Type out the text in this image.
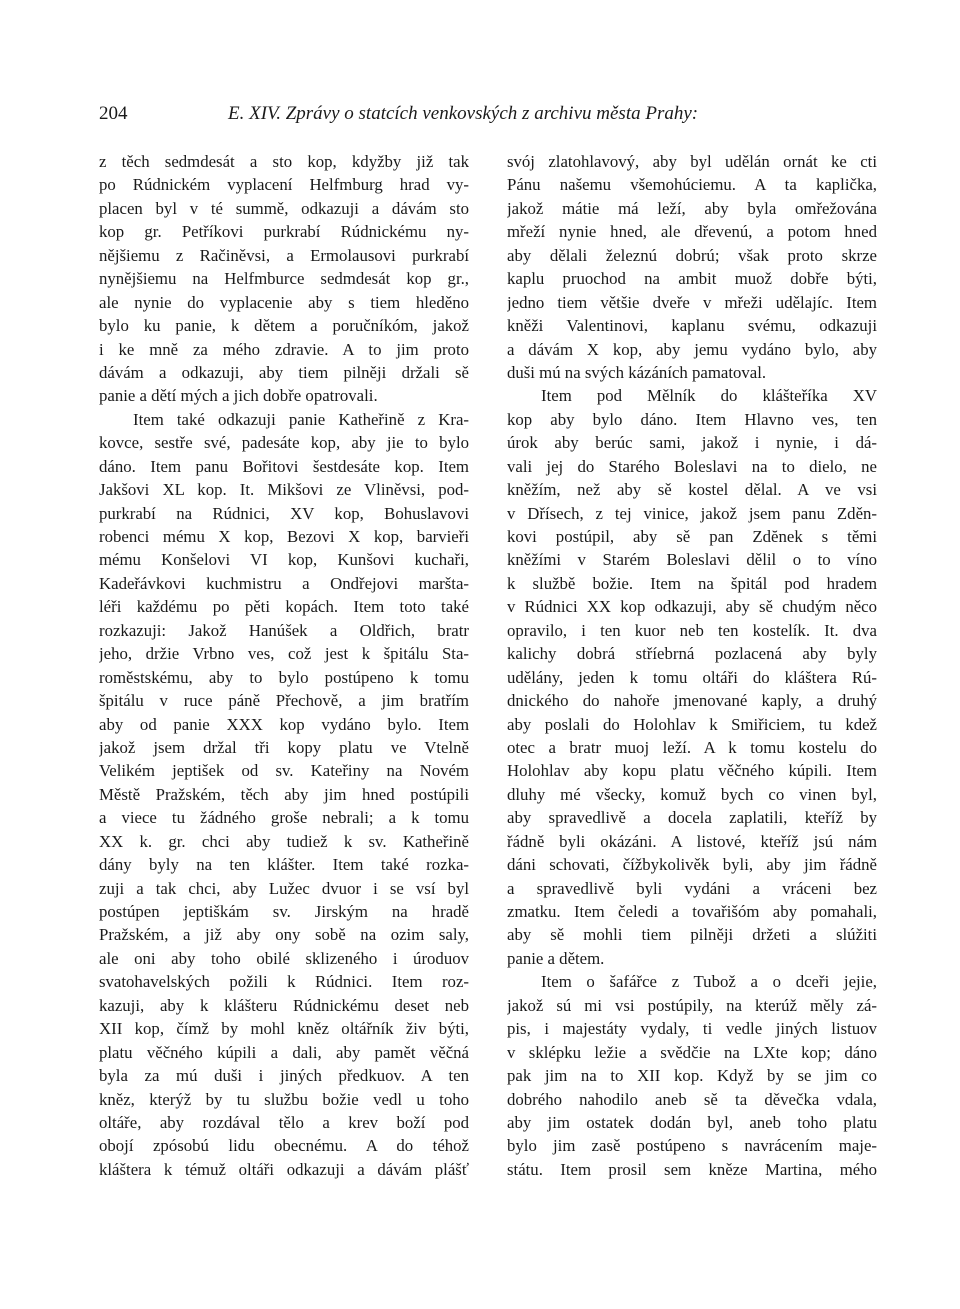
204	E. XIV. Zprávy o statcích venkovských z archivu města Prahy:
z těch sedmdesát a sto kop, kdyžby již tak
po Rúdnickém vyplacení Helfmburg hrad vy-
placen byl v té summě, odkazuji a dávám sto
kop gr. Petříkovi purkrabí Rúdnickému ny-
nějšiemu z Račiněvsi, a Ermolausovi purkrabí
nynějšiemu na Helfmburce sedmdesát kop gr.,
ale nynie do vyplacenie aby s tiem hleděno
bylo ku panie, k dětem a poručníkóm, jakož
i ke mně za mého zdravie. A to jim proto
dávám a odkazuji, aby tiem pilněji držali sě
panie a dětí mých a jich dobře opatrovali.
Item také odkazuji panie Katheřině z Kra-
kovce, sestře své, padesáte kop, aby jie to bylo
dáno. Item panu Bořitovi šestdesáte kop. Item
Jakšovi XL kop. It. Mikšovi ze Vliněvsi, pod-
purkrabí na Rúdnici, XV kop, Bohuslavovi
robenci mému X kop, Bezovi X kop, barvieři
mému Konšelovi VI kop, Kunšovi kuchaři,
Kadeřávkovi kuchmistru a Ondřejovi maršta-
léři každému po pěti kopách. Item toto také
rozkazuji: Jakož Hanúšek a Oldřich, bratr
jeho, držie Vrbno ves, což jest k špitálu Sta-
roměstskému, aby to bylo postúpeno k tomu
špitálu v ruce páně Přechově, a jim bratřím
aby od panie XXX kop vydáno bylo. Item
jakož jsem držal tři kopy platu ve Vtelně
Velikém jeptišek od sv. Kateřiny na Novém
Městě Pražském, těch aby jim hned postúpili
a viece tu žádného groše nebrali; a k tomu
XX k. gr. chci aby tudiež k sv. Katheřině
dány byly na ten klášter. Item také rozka-
zuji a tak chci, aby Lužec dvuor i se vsí byl
postúpen jeptiškám sv. Jirským na hradě
Pražském, a již aby ony sobě na ozim saly,
ale oni aby toho obilé sklizeného i úroduov
svatohavelských požili k Rúdnici. Item roz-
kazuji, aby k klášteru Rúdnickému deset neb
XII kop, čímž by mohl kněz oltářník živ býti,
platu věčného kúpili a dali, aby pamět věčná
byla za mú duši i jiných předkuov. A ten
kněz, kterýž by tu službu božie vedl u toho
oltáře, aby rozdával tělo a krev boží pod
obojí zpósobú lidu obecnému. A do téhož
kláštera k témuž oltáři odkazuji a dávám plášť
svój zlatohlavový, aby byl udělán ornát ke cti
Pánu našemu všemohúciemu. A ta kaplička,
jakož mátie má leží, aby byla omřežována
mřeží nynie hned, ale dřevenú, a potom hned
aby dělali železnú dobrú; však proto skrze
kaplu pruochod na ambit muož dobře býti,
jedno tiem většie dveře v mřeži udělajíc. Item
kněži Valentinovi, kaplanu svému, odkazuji
a dávám X kop, aby jemu vydáno bylo, aby
duši mú na svých kázáních pamatoval.
Item pod Mělník do klášteříka XV
kop aby bylo dáno. Item Hlavno ves, ten
úrok aby berúc sami, jakož i nynie, i dá-
vali jej do Starého Boleslavi na to dielo, ne
kněžím, než aby sě kostel dělal. A ve vsi
v Dřísech, z tej vinice, jakož jsem panu Zděn-
kovi postúpil, aby sě pan Zdĕnek s těmi
kněžími v Starém Boleslavi dělil o to víno
k službě božie. Item na špitál pod hradem
v Rúdnici XX kop odkazuji, aby sě chudým něco
opravilo, i ten kuor neb ten kostelík. It. dva
kalichy dobrá stříebrná pozlacená aby byly
udělány, jeden k tomu oltáři do kláštera Rú-
dnického do nahoře jmenované kaply, a druhý
aby poslali do Holohlav k Smiřiciem, tu kdež
otec a bratr muoj leží. A k tomu kostelu do
Holohlav aby kopu platu věčného kúpili. Item
dluhy mé všecky, komuž bych co vinen byl,
aby spravedlivě a docela zaplatili, kteříž by
řádně byli okázáni. A listové, kteříž jsú nám
dáni schovati, čížbykolivěk byli, aby jim řádně
a spravedlivě byli vydáni a vráceni bez
zmatku. Item čeledi a tovařišóm aby pomahali,
aby sě mohli tiem pilněji držeti a slúžiti
panie a dětem.
Item o šafářce z Tubož a o dceři jejie,
jakož sú mi vsi postúpily, na kterúž měly zá-
pis, i majestáty vydaly, ti vedle jiných listuov
v sklépku ležie a svědčie na LXte kop; dáno
pak jim na to XII kop. Když by se jim co
dobrého nahodilo aneb sě ta děvečka vdala,
aby jim ostatek dodán byl, aneb toho platu
bylo jim zasě postúpeno s navrácením maje-
státu. Item prosil sem kněze Martina, mého
